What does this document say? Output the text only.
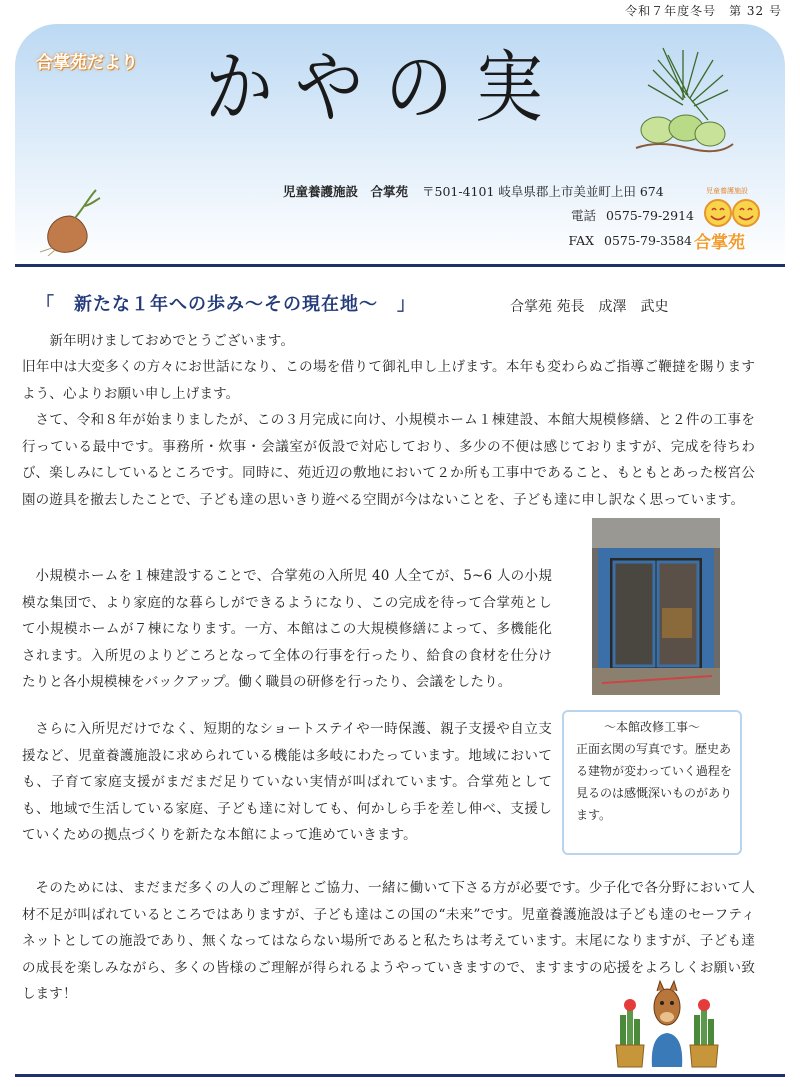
令和７年度冬号　第 32 号
合掌苑だより かやの実
児童養護施設　合掌苑 〒501-4101 岐阜県郡上市美並町上田 674
電話 0575-79-2914
FAX 0575-79-3584
児童養護施設
合掌苑
「　新たな１年への歩み～その現在地～　」	合掌苑 苑長　成澤　武史

新年明けましておめでとうございます。

旧年中は大変多くの方々にお世話になり、この場を借りて御礼申し上げます。本年も変わらぬご指導ご鞭撻を賜りますよう、心よりお願い申し上げます。

さて、令和８年が始まりましたが、この３月完成に向け、小規模ホーム１棟建設、本館大規模修繕、と２件の工事を行っている最中です。事務所・炊事・会議室が仮設で対応しており、多少の不便は感じておりますが、完成を待ちわび、楽しみにしているところです。同時に、苑近辺の敷地において２か所も工事中であること、もともとあった桜宮公園の遊具を撤去したことで、子ども達の思いきり遊べる空間が今はないことを、子ども達に申し訳なく思っています。

小規模ホームを１棟建設することで、合掌苑の入所児 40 人全てが、5~6 人の小規模な集団で、より家庭的な暮らしができるようになり、この完成を待って合掌苑として小規模ホームが７棟になります。一方、本館はこの大規模修繕によって、多機能化されます。入所児のよりどころとなって全体の行事を行ったり、給食の食材を仕分けたりと各小規模棟をバックアップ。働く職員の研修を行ったり、会議をしたり。

さらに入所児だけでなく、短期的なショートステイや一時保護、親子支援や自立支援など、児童養護施設に求められている機能は多岐にわたっています。地域においても、子育て家庭支援がまだまだ足りていない実情が叫ばれています。合掌苑としても、地域で生活している家庭、子ども達に対しても、何かしら手を差し伸べ、支援していくための拠点づくりを新たな本館によって進めていきます。

そのためには、まだまだ多くの人のご理解とご協力、一緒に働いて下さる方が必要です。少子化で各分野において人材不足が叫ばれているところではありますが、子ども達はこの国の“未来”です。児童養護施設は子ども達のセーフティネットとしての施設であり、無くなってはならない場所であると私たちは考えています。末尾になりますが、子ども達の成長を楽しみながら、多くの皆様のご理解が得られるようやっていきますので、ますますの応援をよろしくお願い致します！

～本館改修工事～
正面玄関の写真です。歴史ある建物が変わっていく過程を見るのは感慨深いものがあります。
